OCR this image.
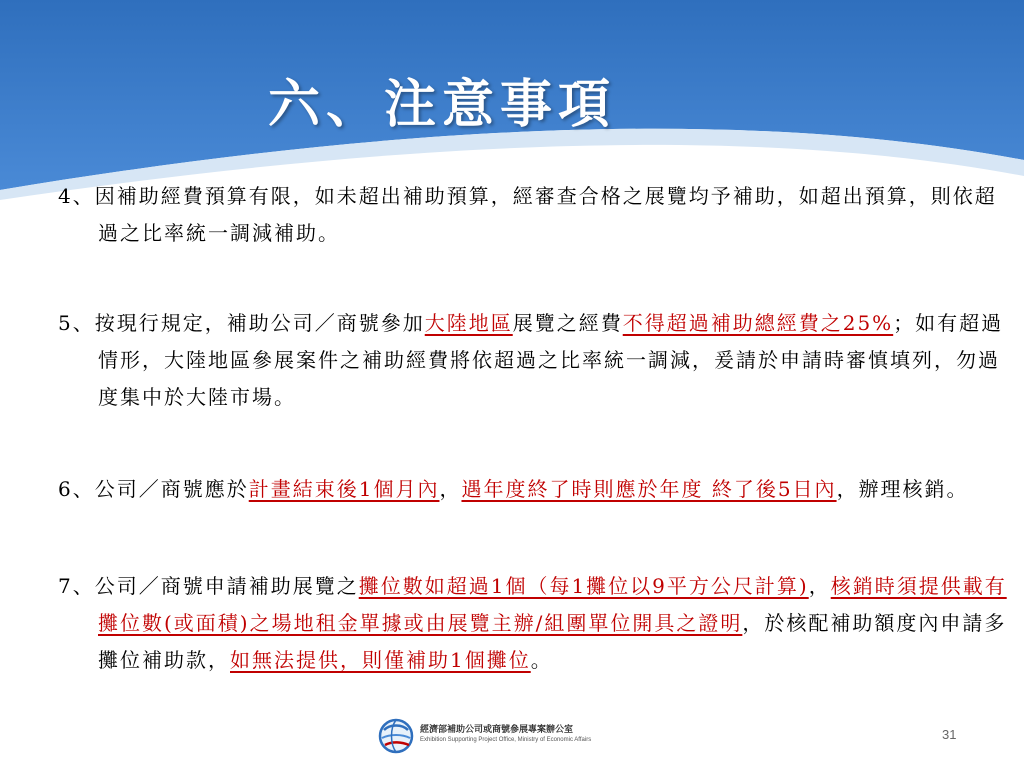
六、注意事項
4、因補助經費預算有限，如未超出補助預算，經審查合格之展覽均予補助，如超出預算，則依超過之比率統一調減補助。
5、按現行規定，補助公司／商號參加大陸地區展覽之經費不得超過補助總經費之25%；如有超過情形，大陸地區參展案件之補助經費將依超過之比率統一調減，爰請於申請時審慎填列，勿過度集中於大陸市場。
6、公司／商號應於計畫結束後1個月內，遇年度終了時則應於年度 終了後5日內，辦理核銷。
7、公司／商號申請補助展覽之攤位數如超過1個（每1攤位以9平方公尺計算)，核銷時須提供載有攤位數(或面積)之場地租金單據或由展覽主辦/組團單位開具之證明，於核配補助額度內申請多攤位補助款，如無法提供，則僅補助1個攤位。
經濟部補助公司或商號參展專案辦公室
Exhibition Supporting Project Office, Ministry of Economic Affairs	31
